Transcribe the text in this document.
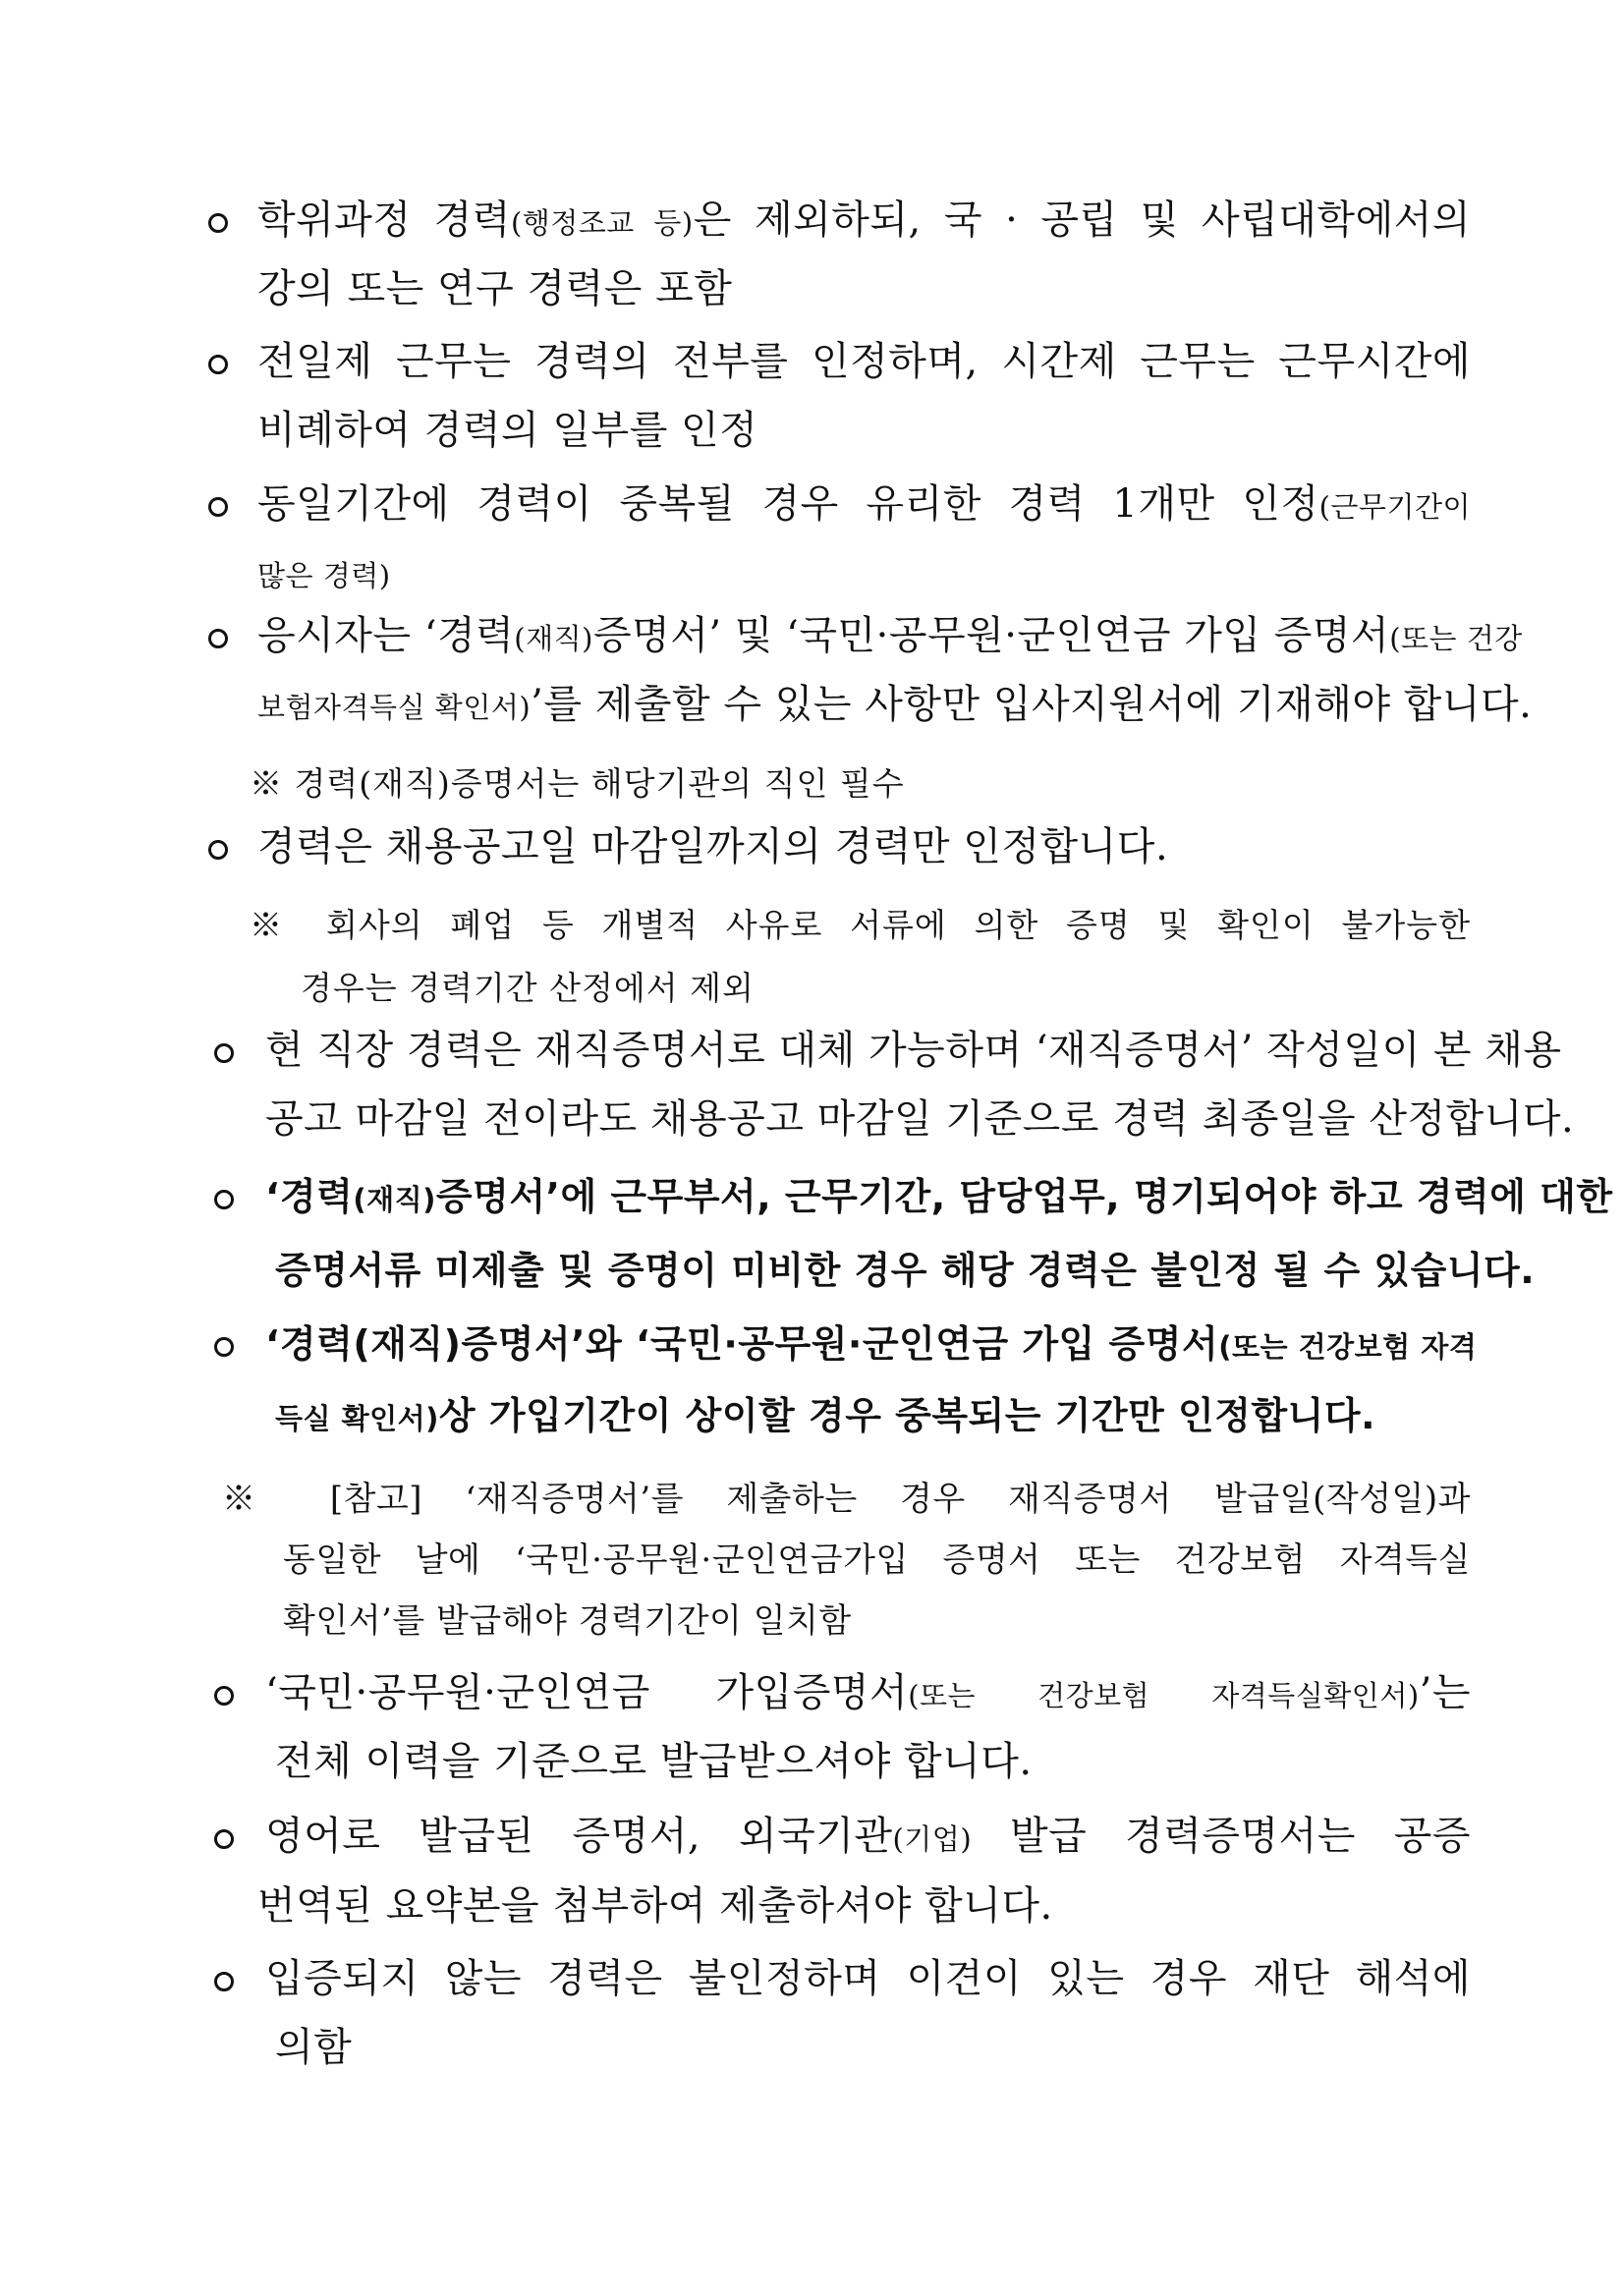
학위과정 경력(행정조교 등)은 제외하되, 국 · 공립 및 사립대학에서의

강의 또는 연구 경력은 포함

전일제 근무는 경력의 전부를 인정하며, 시간제 근무는 근무시간에

비례하여 경력의 일부를 인정

동일기간에 경력이 중복될 경우 유리한 경력 1개만 인정(근무기간이

많은 경력)

응시자는 ‘경력(재직)증명서’ 및 ‘국민·공무원·군인연금 가입 증명서(또는 건강

보험자격득실 확인서)’를 제출할 수 있는 사항만 입사지원서에 기재해야 합니다.

※ 경력(재직)증명서는 해당기관의 직인 필수

경력은 채용공고일 마감일까지의 경력만 인정합니다.

※ 회사의 폐업 등 개별적 사유로 서류에 의한 증명 및 확인이 불가능한

경우는 경력기간 산정에서 제외

현 직장 경력은 재직증명서로 대체 가능하며 ‘재직증명서’ 작성일이 본 채용

공고 마감일 전이라도 채용공고 마감일 기준으로 경력 최종일을 산정합니다.

‘경력(재직)증명서’에 근무부서, 근무기간, 담당업무, 명기되어야 하고 경력에 대한

증명서류 미제출 및 증명이 미비한 경우 해당 경력은 불인정 될 수 있습니다.

‘경력(재직)증명서’와 ‘국민·공무원·군인연금 가입 증명서(또는 건강보험 자격

득실 확인서)상 가입기간이 상이할 경우 중복되는 기간만 인정합니다.

※ [참고] ‘재직증명서’를 제출하는 경우 재직증명서 발급일(작성일)과

동일한 날에 ‘국민·공무원·군인연금가입 증명서 또는 건강보험 자격득실

확인서’를 발급해야 경력기간이 일치함

‘국민·공무원·군인연금 가입증명서(또는 건강보험 자격득실확인서)’는

전체 이력을 기준으로 발급받으셔야 합니다.

영어로 발급된 증명서, 외국기관(기업) 발급 경력증명서는 공증

번역된 요약본을 첨부하여 제출하셔야 합니다.

입증되지 않는 경력은 불인정하며 이견이 있는 경우 재단 해석에

의함
